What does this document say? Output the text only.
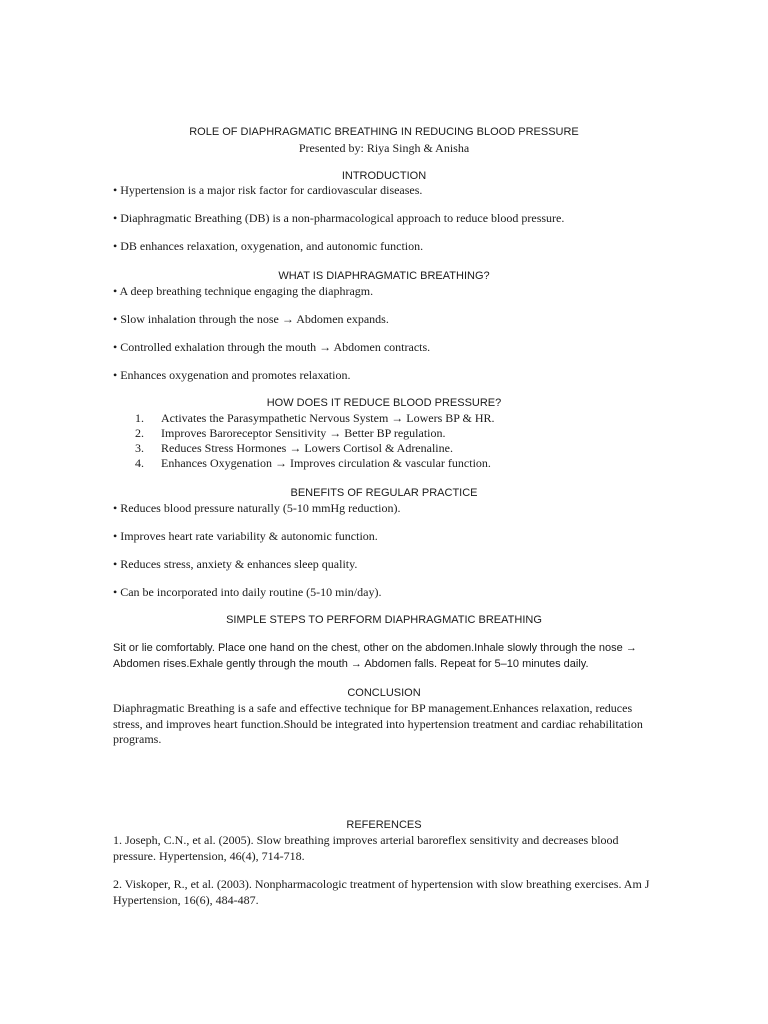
ROLE OF DIAPHRAGMATIC BREATHING IN REDUCING BLOOD PRESSURE
Presented by: Riya Singh & Anisha
INTRODUCTION
• Hypertension is a major risk factor for cardiovascular diseases.
• Diaphragmatic Breathing (DB) is a non-pharmacological approach to reduce blood pressure.
• DB enhances relaxation, oxygenation, and autonomic function.
WHAT IS DIAPHRAGMATIC BREATHING?
• A deep breathing technique engaging the diaphragm.
• Slow inhalation through the nose → Abdomen expands.
• Controlled exhalation through the mouth → Abdomen contracts.
• Enhances oxygenation and promotes relaxation.
HOW DOES IT REDUCE BLOOD PRESSURE?
1. Activates the Parasympathetic Nervous System → Lowers BP & HR.
2. Improves Baroreceptor Sensitivity → Better BP regulation.
3. Reduces Stress Hormones → Lowers Cortisol & Adrenaline.
4. Enhances Oxygenation → Improves circulation & vascular function.
BENEFITS OF REGULAR PRACTICE
• Reduces blood pressure naturally (5-10 mmHg reduction).
• Improves heart rate variability & autonomic function.
• Reduces stress, anxiety & enhances sleep quality.
• Can be incorporated into daily routine (5-10 min/day).
SIMPLE STEPS TO PERFORM DIAPHRAGMATIC BREATHING
Sit or lie comfortably. Place one hand on the chest, other on the abdomen.Inhale slowly through the nose → Abdomen rises.Exhale gently through the mouth → Abdomen falls. Repeat for 5–10 minutes daily.
CONCLUSION
Diaphragmatic Breathing is a safe and effective technique for BP management.Enhances relaxation, reduces stress, and improves heart function.Should be integrated into hypertension treatment and cardiac rehabilitation programs.
REFERENCES
1. Joseph, C.N., et al. (2005). Slow breathing improves arterial baroreflex sensitivity and decreases blood pressure. Hypertension, 46(4), 714-718.
2. Viskoper, R., et al. (2003). Nonpharmacologic treatment of hypertension with slow breathing exercises. Am J Hypertension, 16(6), 484-487.
